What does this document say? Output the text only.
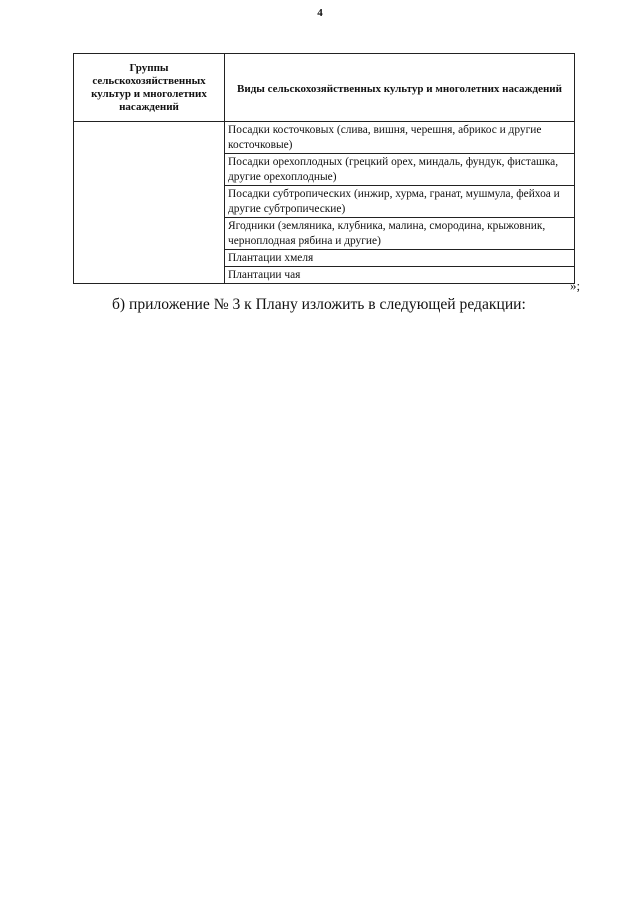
4
Группы сельскохозяйственных культур и многолетних насаждений	Виды сельскохозяйственных культур и многолетних насаждений
	Посадки косточковых (слива, вишня, черешня, абрикос и другие косточковые)
	Посадки орехоплодных (грецкий орех, миндаль, фундук, фисташка, другие орехоплодные)
	Посадки субтропических (инжир, хурма, гранат, мушмула, фейхоа и другие субтропические)
	Ягодники (земляника, клубника, малина, смородина, крыжовник, черноплодная рябина и другие)
	Плантации хмеля
	Плантации чая
»;
б) приложение № 3 к Плану изложить в следующей редакции:
